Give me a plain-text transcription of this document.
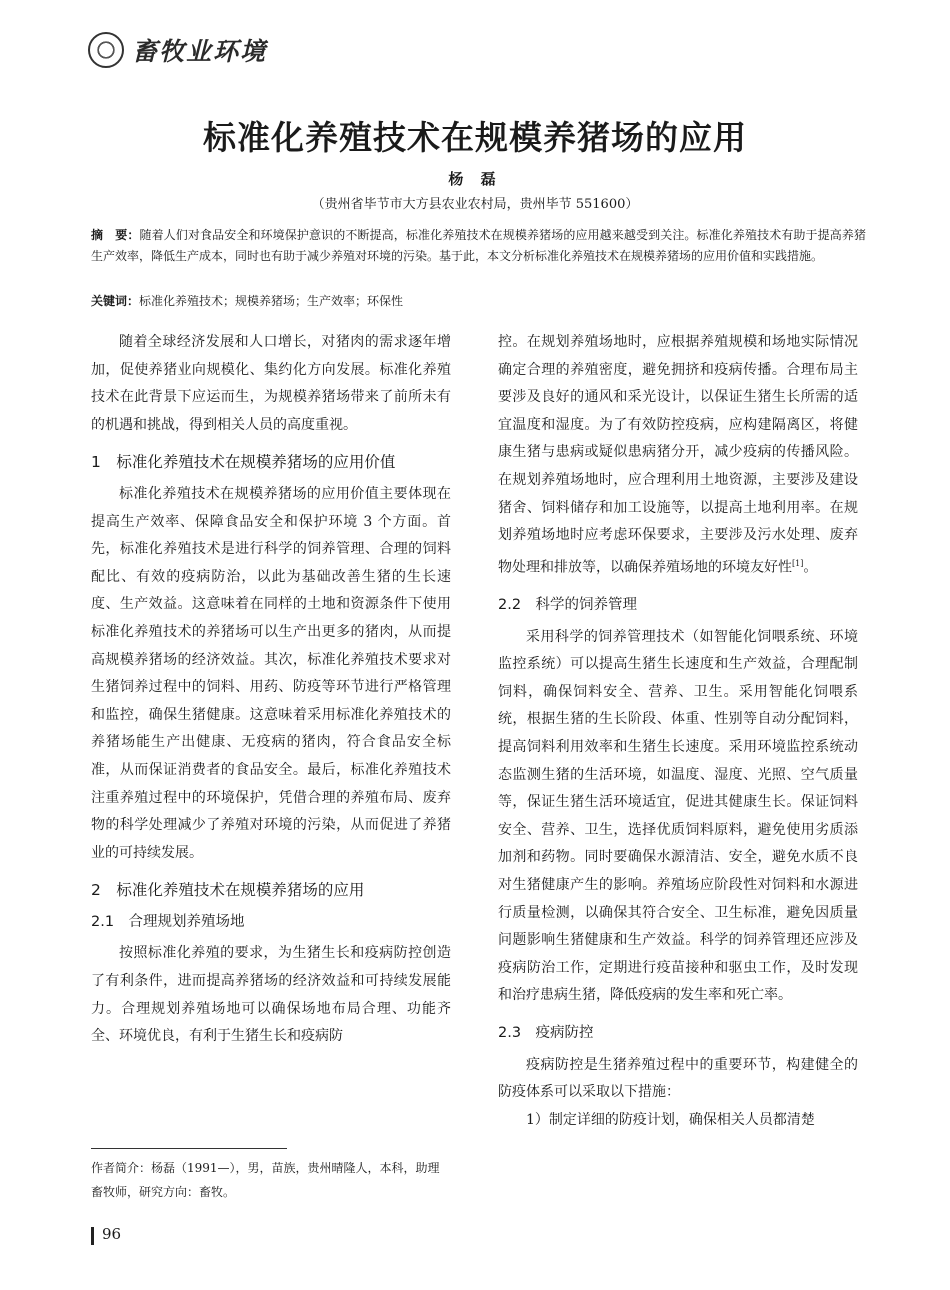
畜牧业环境
标准化养殖技术在规模养猪场的应用
杨 磊
（贵州省毕节市大方县农业农村局，贵州毕节 551600）
摘　要：随着人们对食品安全和环境保护意识的不断提高，标准化养殖技术在规模养猪场的应用越来越受到关注。标准化养殖技术有助于提高养猪生产效率，降低生产成本，同时也有助于减少养殖对环境的污染。基于此，本文分析标准化养殖技术在规模养猪场的应用价值和实践措施。
关键词：标准化养殖技术；规模养猪场；生产效率；环保性

随着全球经济发展和人口增长，对猪肉的需求逐年增加，促使养猪业向规模化、集约化方向发展。标准化养殖技术在此背景下应运而生，为规模养猪场带来了前所未有的机遇和挑战，得到相关人员的高度重视。

1　标准化养殖技术在规模养猪场的应用价值

标准化养殖技术在规模养猪场的应用价值主要体现在提高生产效率、保障食品安全和保护环境 3 个方面。首先，标准化养殖技术是进行科学的饲养管理、合理的饲料配比、有效的疫病防治，以此为基础改善生猪的生长速度、生产效益。这意味着在同样的土地和资源条件下使用标准化养殖技术的养猪场可以生产出更多的猪肉，从而提高规模养猪场的经济效益。其次，标准化养殖技术要求对生猪饲养过程中的饲料、用药、防疫等环节进行严格管理和监控，确保生猪健康。这意味着采用标准化养殖技术的养猪场能生产出健康、无疫病的猪肉，符合食品安全标准，从而保证消费者的食品安全。最后，标准化养殖技术注重养殖过程中的环境保护，凭借合理的养殖布局、废弃物的科学处理减少了养殖对环境的污染，从而促进了养猪业的可持续发展。

2　标准化养殖技术在规模养猪场的应用

2.1　合理规划养殖场地

按照标准化养殖的要求，为生猪生长和疫病防控创造了有利条件，进而提高养猪场的经济效益和可持续发展能力。合理规划养殖场地可以确保场地布局合理、功能齐全、环境优良，有利于生猪生长和疫病防

控。在规划养殖场地时，应根据养殖规模和场地实际情况确定合理的养殖密度，避免拥挤和疫病传播。合理布局主要涉及良好的通风和采光设计，以保证生猪生长所需的适宜温度和湿度。为了有效防控疫病，应构建隔离区，将健康生猪与患病或疑似患病猪分开，减少疫病的传播风险。在规划养殖场地时，应合理利用土地资源，主要涉及建设猪舍、饲料储存和加工设施等，以提高土地利用率。在规划养殖场地时应考虑环保要求，主要涉及污水处理、废弃物处理和排放等，以确保养殖场地的环境友好性[1]。

2.2　科学的饲养管理

采用科学的饲养管理技术（如智能化饲喂系统、环境监控系统）可以提高生猪生长速度和生产效益，合理配制饲料，确保饲料安全、营养、卫生。采用智能化饲喂系统，根据生猪的生长阶段、体重、性别等自动分配饲料，提高饲料利用效率和生猪生长速度。采用环境监控系统动态监测生猪的生活环境，如温度、湿度、光照、空气质量等，保证生猪生活环境适宜，促进其健康生长。保证饲料安全、营养、卫生，选择优质饲料原料，避免使用劣质添加剂和药物。同时要确保水源清洁、安全，避免水质不良对生猪健康产生的影响。养殖场应阶段性对饲料和水源进行质量检测，以确保其符合安全、卫生标准，避免因质量问题影响生猪健康和生产效益。科学的饲养管理还应涉及疫病防治工作，定期进行疫苗接种和驱虫工作，及时发现和治疗患病生猪，降低疫病的发生率和死亡率。

2.3　疫病防控

疫病防控是生猪养殖过程中的重要环节，构建健全的防疫体系可以采取以下措施：

1）制定详细的防疫计划，确保相关人员都清楚

作者简介：杨磊（1991—），男，苗族，贵州晴隆人，本科，助理畜牧师，研究方向：畜牧。
96
